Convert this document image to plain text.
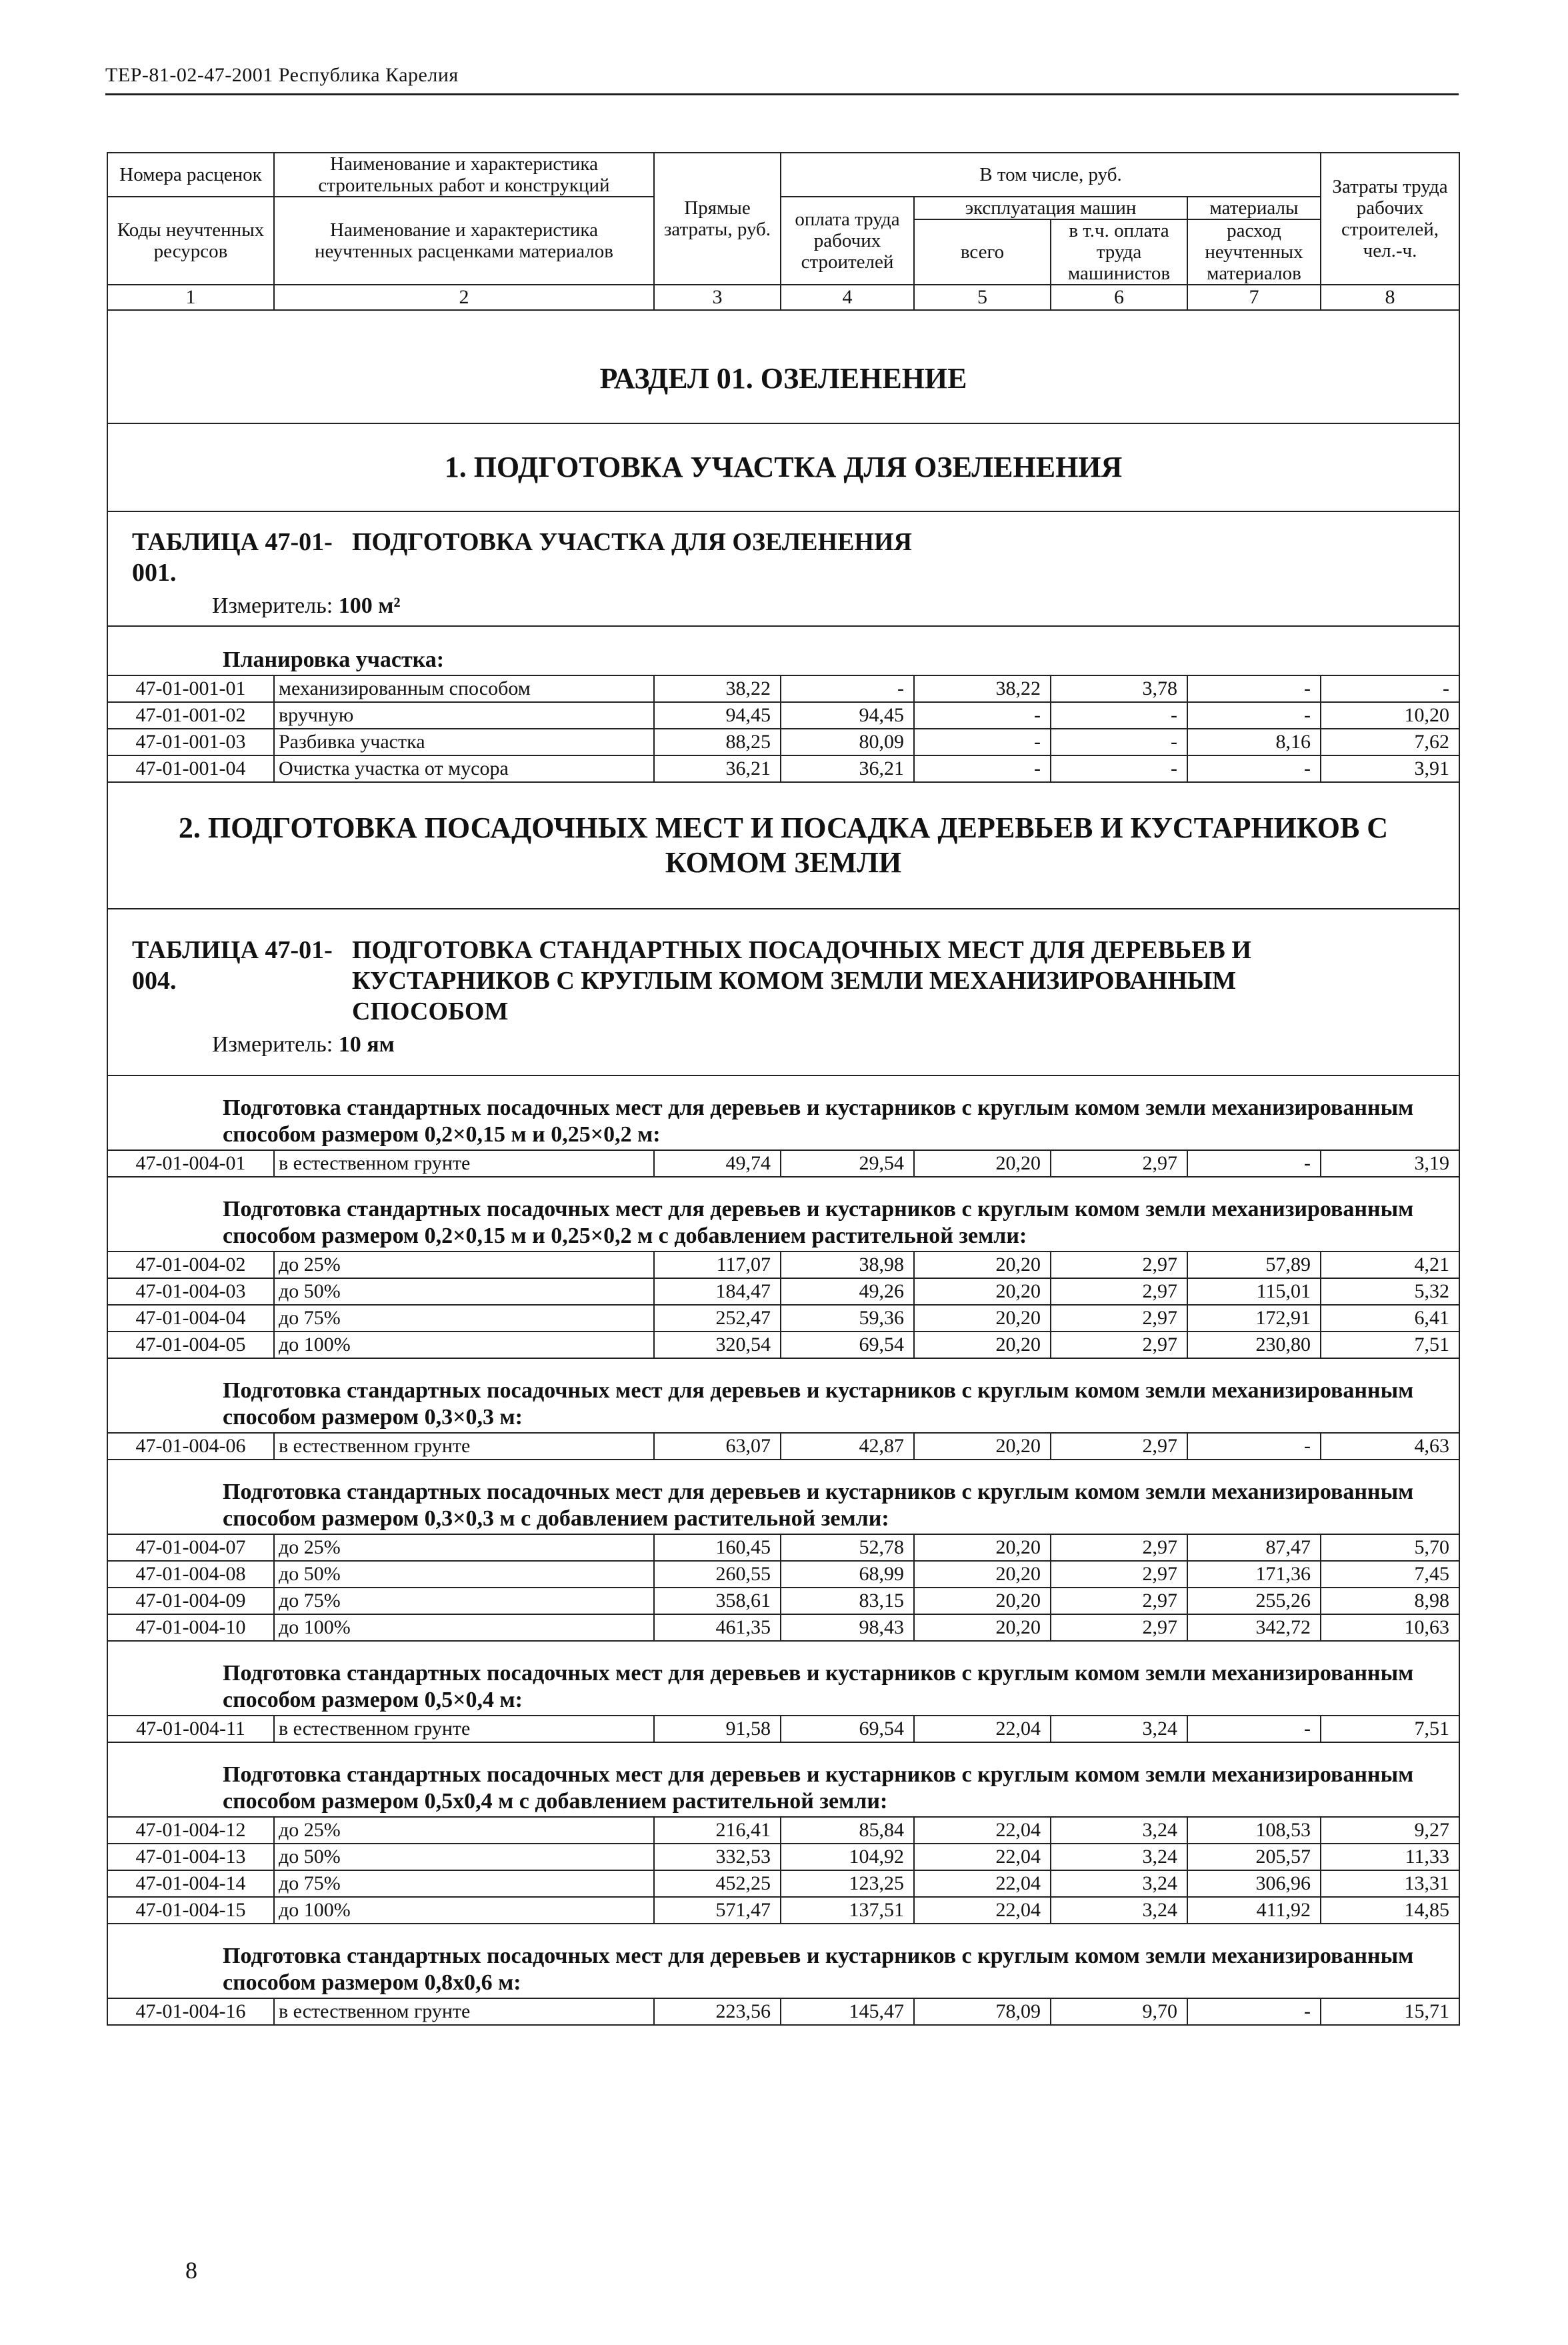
ТЕР-81-02-47-2001 Республика Карелия
Номера расценок	Наименование и характеристика строительных работ и конструкций	Прямые затраты, руб.	В том числе, руб.				Затраты труда рабочих строителей, чел.-ч.
Коды неучтенных ресурсов	Наименование и характеристика неучтенных расценками материалов		оплата труда рабочих строителей	эксплуатация машин		материалы	
				всего	в т.ч. оплата труда машинистов	расход неучтенных материалов	
1	2	3	4	5	6	7	8
РАЗДЕЛ 01. ОЗЕЛЕНЕНИЕ							
1. ПОДГОТОВКА УЧАСТКА ДЛЯ ОЗЕЛЕНЕНИЯ							

ТАБЛИЦА 47-01-001.ПОДГОТОВКА УЧАСТКА ДЛЯ ОЗЕЛЕНЕНИЯ
Измеритель: 100 м²							

Планировка участка:							
47-01-001-01	механизированным способом	38,22	-	38,22	3,78	-	-
47-01-001-02	вручную	94,45	94,45	-	-	-	10,20
47-01-001-03	Разбивка участка	88,25	80,09	-	-	8,16	7,62
47-01-001-04	Очистка участка от мусора	36,21	36,21	-	-	-	3,91
2. ПОДГОТОВКА ПОСАДОЧНЫХ МЕСТ И ПОСАДКА ДЕРЕВЬЕВ И КУСТАРНИКОВ С КОМОМ ЗЕМЛИ							

ТАБЛИЦА 47-01-004.ПОДГОТОВКА СТАНДАРТНЫХ ПОСАДОЧНЫХ МЕСТ ДЛЯ ДЕРЕВЬЕВ И КУСТАРНИКОВ С КРУГЛЫМ КОМОМ ЗЕМЛИ МЕХАНИЗИРОВАННЫМ СПОСОБОМ
Измеритель: 10 ям							

Подготовка стандартных посадочных мест для деревьев и кустарников с круглым комом земли механизированным способом размером 0,2×0,15 м и 0,25×0,2 м:							
47-01-004-01	в естественном грунте	49,74	29,54	20,20	2,97	-	3,19
Подготовка стандартных посадочных мест для деревьев и кустарников с круглым комом земли механизированным способом размером 0,2×0,15 м и 0,25×0,2 м с добавлением растительной земли:							
47-01-004-02	до 25%	117,07	38,98	20,20	2,97	57,89	4,21
47-01-004-03	до 50%	184,47	49,26	20,20	2,97	115,01	5,32
47-01-004-04	до 75%	252,47	59,36	20,20	2,97	172,91	6,41
47-01-004-05	до 100%	320,54	69,54	20,20	2,97	230,80	7,51
Подготовка стандартных посадочных мест для деревьев и кустарников с круглым комом земли механизированным способом размером 0,3×0,3 м:							
47-01-004-06	в естественном грунте	63,07	42,87	20,20	2,97	-	4,63
Подготовка стандартных посадочных мест для деревьев и кустарников с круглым комом земли механизированным способом размером 0,3×0,3 м с добавлением растительной земли:							
47-01-004-07	до 25%	160,45	52,78	20,20	2,97	87,47	5,70
47-01-004-08	до 50%	260,55	68,99	20,20	2,97	171,36	7,45
47-01-004-09	до 75%	358,61	83,15	20,20	2,97	255,26	8,98
47-01-004-10	до 100%	461,35	98,43	20,20	2,97	342,72	10,63
Подготовка стандартных посадочных мест для деревьев и кустарников с круглым комом земли механизированным способом размером 0,5×0,4 м:							
47-01-004-11	в естественном грунте	91,58	69,54	22,04	3,24	-	7,51
Подготовка стандартных посадочных мест для деревьев и кустарников с круглым комом земли механизированным способом размером 0,5x0,4 м с добавлением растительной земли:							
47-01-004-12	до 25%	216,41	85,84	22,04	3,24	108,53	9,27
47-01-004-13	до 50%	332,53	104,92	22,04	3,24	205,57	11,33
47-01-004-14	до 75%	452,25	123,25	22,04	3,24	306,96	13,31
47-01-004-15	до 100%	571,47	137,51	22,04	3,24	411,92	14,85
Подготовка стандартных посадочных мест для деревьев и кустарников с круглым комом земли механизированным способом размером 0,8x0,6 м:							
47-01-004-16	в естественном грунте	223,56	145,47	78,09	9,70	-	15,71
8
